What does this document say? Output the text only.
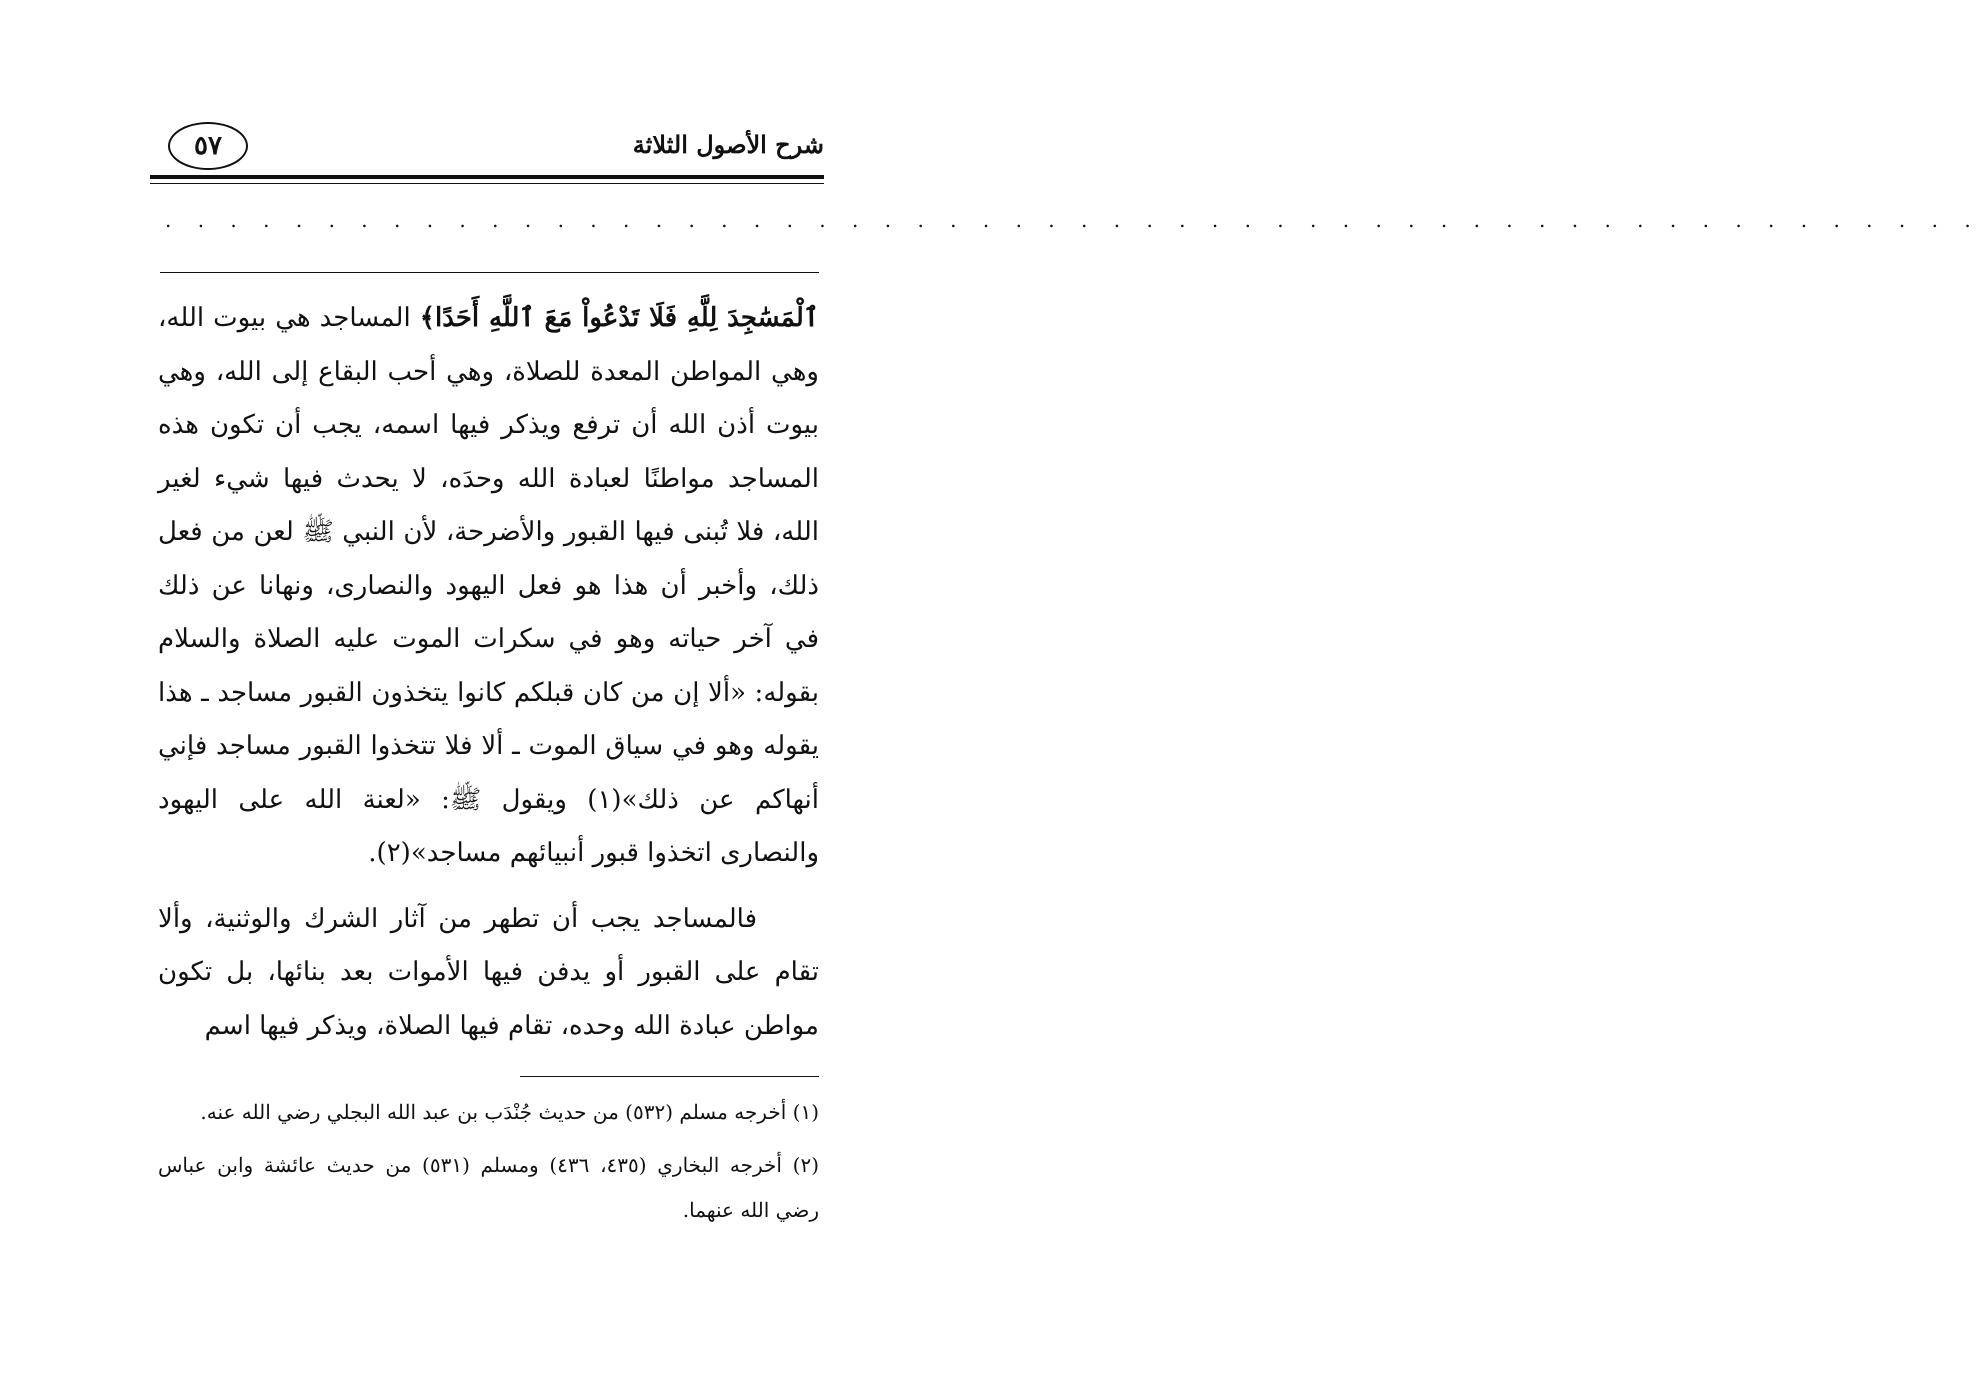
شرح الأصول الثلاثة
٥٧
. . . . . . . . . . . . . . . . . . . . . . . . . . . . . . . . . . . . . . . . . . . . . . . . . . . . . . . .

ٱلْمَسَٰجِدَ لِلَّهِ فَلَا تَدْعُواْ مَعَ ٱللَّهِ أَحَدًا﴾ المساجد هي بيوت الله، وهي المواطن المعدة للصلاة، وهي أحب البقاع إلى الله، وهي بيوت أذن الله أن ترفع ويذكر فيها اسمه، يجب أن تكون هذه المساجد مواطنًا لعبادة الله وحدَه، لا يحدث فيها شيء لغير الله، فلا تُبنى فيها القبور والأضرحة، لأن النبي ﷺ لعن من فعل ذلك، وأخبر أن هذا هو فعل اليهود والنصارى، ونهانا عن ذلك في آخر حياته وهو في سكرات الموت عليه الصلاة والسلام بقوله: «ألا إن من كان قبلكم كانوا يتخذون القبور مساجد ـ هذا يقوله وهو في سياق الموت ـ ألا فلا تتخذوا القبور مساجد فإني أنهاكم عن ذلك»(١) ويقول ﷺ: «لعنة الله على اليهود والنصارى اتخذوا قبور أنبيائهم مساجد»(٢).

فالمساجد يجب أن تطهر من آثار الشرك والوثنية، وألا تقام على القبور أو يدفن فيها الأموات بعد بنائها، بل تكون مواطن عبادة الله وحده، تقام فيها الصلاة، ويذكر فيها اسم

(١) أخرجه مسلم (٥٣٢) من حديث جُنْدَب بن عبد الله البجلي رضي الله عنه.

(٢) أخرجه البخاري (٤٣٥، ٤٣٦) ومسلم (٥٣١) من حديث عائشة وابن عباس رضي الله عنهما.
